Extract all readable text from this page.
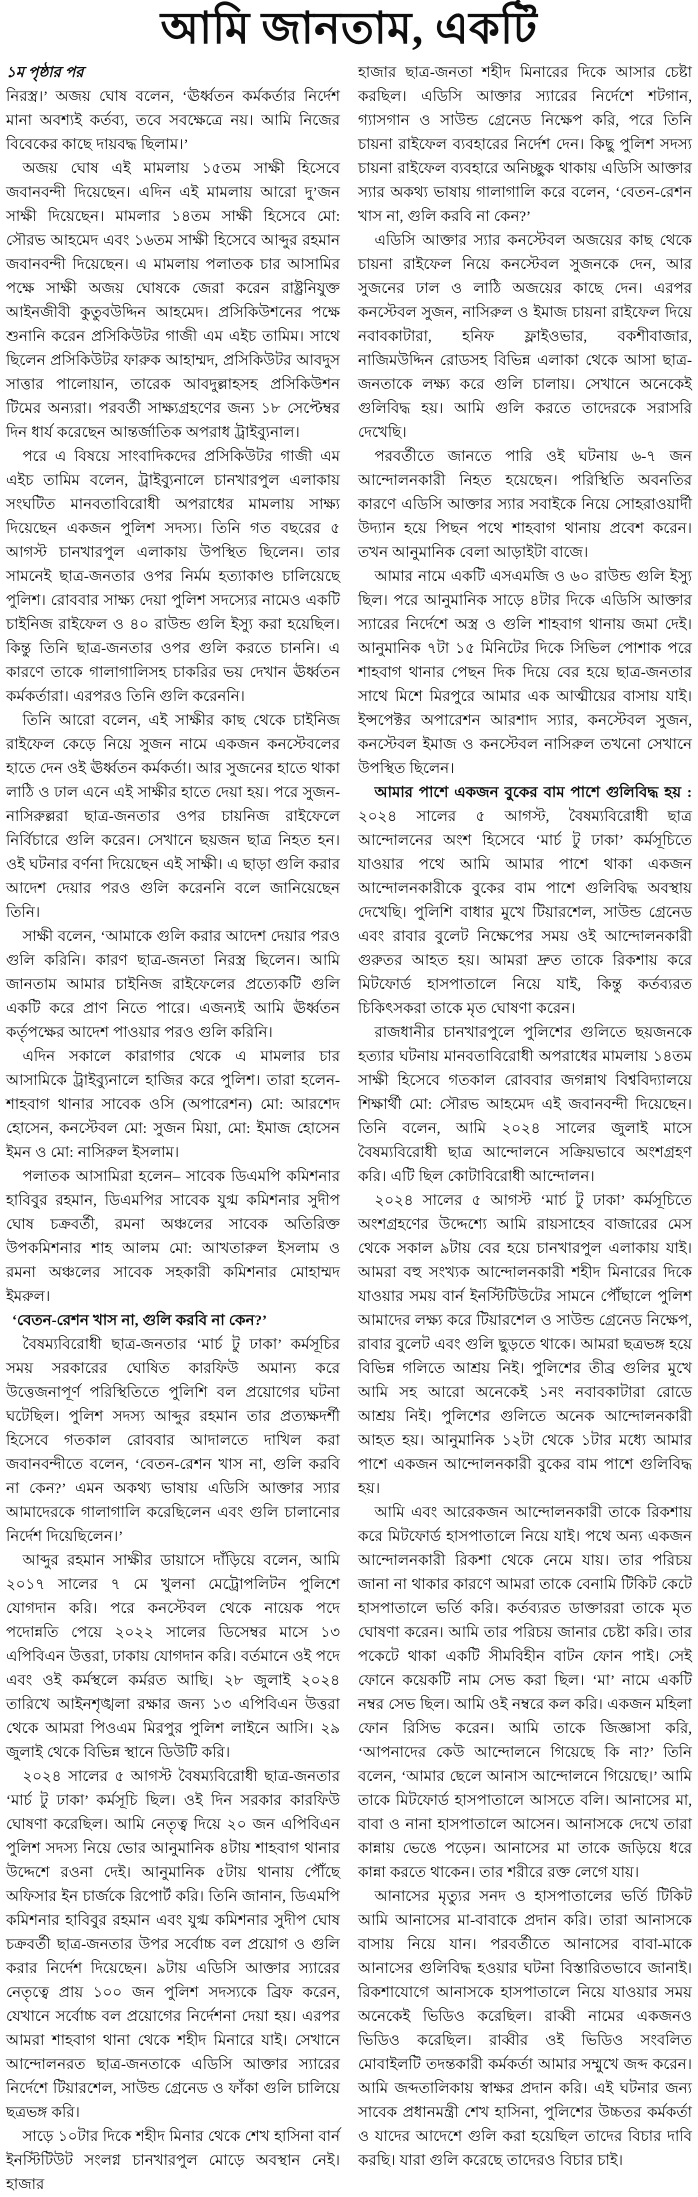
আমি জানতাম, একটি
১ম পৃষ্ঠার পর

নিরস্ত্র।’ অজয় ঘোষ বলেন, ‘ঊর্ধ্বতন কর্মকর্তার নির্দেশ মানা অবশ্যই কর্তব্য, তবে সবক্ষেত্রে নয়। আমি নিজের বিবেকের কাছে দায়বদ্ধ ছিলাম।’

অজয় ঘোষ এই মামলায় ১৫তম সাক্ষী হিসেবে জবানবন্দী দিয়েছেন। এদিন এই মামলায় আরো দু’জন সাক্ষী দিয়েছেন। মামলার ১৪তম সাক্ষী হিসেবে মো: সৌরভ আহমেদ এবং ১৬তম সাক্ষী হিসেবে আব্দুর রহমান জবানবন্দী দিয়েছেন। এ মামলায় পলাতক চার আসামির পক্ষে সাক্ষী অজয় ঘোষকে জেরা করেন রাষ্ট্রনিযুক্ত আইনজীবী কুতুবউদ্দিন আহমেদ। প্রসিকিউশনের পক্ষে শুনানি করেন প্রসিকিউটর গাজী এম এইচ তামিম। সাথে ছিলেন প্রসিকিউটর ফারুক আহাম্মদ, প্রসিকিউটর আবদুস সাত্তার পালোয়ান, তারেক আবদুল্লাহসহ প্রসিকিউশন টিমের অন্যরা। পরবর্তী সাক্ষ্যগ্রহণের জন্য ১৮ সেপ্টেম্বর দিন ধার্য করেছেন আন্তর্জাতিক অপরাধ ট্রাইব্যুনাল।

পরে এ বিষয়ে সাংবাদিকদের প্রসিকিউটর গাজী এম এইচ তামিম বলেন, ট্রাইব্যুনালে চানখারপুল এলাকায় সংঘটিত মানবতাবিরোধী অপরাধের মামলায় সাক্ষ্য দিয়েছেন একজন পুলিশ সদস্য। তিনি গত বছরের ৫ আগস্ট চানখারপুল এলাকায় উপস্থিত ছিলেন। তার সামনেই ছাত্র-জনতার ওপর নির্মম হত্যাকাণ্ড চালিয়েছে পুলিশ। রোববার সাক্ষ্য দেয়া পুলিশ সদস্যের নামেও একটি চাইনিজ রাইফেল ও ৪০ রাউন্ড গুলি ইস্যু করা হয়েছিল। কিন্তু তিনি ছাত্র-জনতার ওপর গুলি করতে চাননি। এ কারণে তাকে গালাগালিসহ চাকরির ভয় দেখান ঊর্ধ্বতন কর্মকর্তারা। এরপরও তিনি গুলি করেননি।

তিনি আরো বলেন, এই সাক্ষীর কাছ থেকে চাইনিজ রাইফেল কেড়ে নিয়ে সুজন নামে একজন কনস্টেবলের হাতে দেন ওই ঊর্ধ্বতন কর্মকর্তা। আর সুজনের হাতে থাকা লাঠি ও ঢাল এনে এই সাক্ষীর হাতে দেয়া হয়। পরে সুজন-নাসিরুল্লরা ছাত্র-জনতার ওপর চায়নিজ রাইফেলে নির্বিচারে গুলি করেন। সেখানে ছয়জন ছাত্র নিহত হন। ওই ঘটনার বর্ণনা দিয়েছেন এই সাক্ষী। এ ছাড়া গুলি করার আদেশ দেয়ার পরও গুলি করেননি বলে জানিয়েছেন তিনি।

সাক্ষী বলেন, ‘আমাকে গুলি করার আদেশ দেয়ার পরও গুলি করিনি। কারণ ছাত্র-জনতা নিরস্ত্র ছিলেন। আমি জানতাম আমার চাইনিজ রাইফেলের প্রত্যেকটি গুলি একটি করে প্রাণ নিতে পারে। এজন্যই আমি ঊর্ধ্বতন কর্তৃপক্ষের আদেশ পাওয়ার পরও গুলি করিনি।

এদিন সকালে কারাগার থেকে এ মামলার চার আসামিকে ট্রাইব্যুনালে হাজির করে পুলিশ। তারা হলেন- শাহবাগ থানার সাবেক ওসি (অপারেশন) মো: আরশেদ হোসেন, কনস্টেবল মো: সুজন মিয়া, মো: ইমাজ হোসেন ইমন ও মো: নাসিরুল ইসলাম।

পলাতক আসামিরা হলেন– সাবেক ডিএমপি কমিশনার হাবিবুর রহমান, ডিএমপির সাবেক যুগ্ম কমিশনার সুদীপ ঘোষ চক্রবর্তী, রমনা অঞ্চলের সাবেক অতিরিক্ত উপকমিশনার শাহ আলম মো: আখতারুল ইসলাম ও রমনা অঞ্চলের সাবেক সহকারী কমিশনার মোহাম্মদ ইমরুল।

‘বেতন-রেশন খাস না, গুলি করবি না কেন?’

বৈষম্যবিরোধী ছাত্র-জনতার ‘মার্চ টু ঢাকা’ কর্মসূচির সময় সরকারের ঘোষিত কারফিউ অমান্য করে উত্তেজনাপূর্ণ পরিস্থিতিতে পুলিশি বল প্রয়োগের ঘটনা ঘটেছিল। পুলিশ সদস্য আব্দুর রহমান তার প্রত্যক্ষদর্শী হিসেবে গতকাল রোববার আদালতে দাখিল করা জবানবন্দীতে বলেন, ‘বেতন-রেশন খাস না, গুলি করবি না কেন?’ এমন অকথ্য ভাষায় এডিসি আক্তার স্যার আমাদেরকে গালাগালি করেছিলেন এবং গুলি চালানোর নির্দেশ দিয়েছিলেন।’

আব্দুর রহমান সাক্ষীর ডায়াসে দাঁড়িয়ে বলেন, আমি ২০১৭ সালের ৭ মে খুলনা মেট্রোপলিটন পুলিশে যোগদান করি। পরে কনস্টেবল থেকে নায়েক পদে পদোন্নতি পেয়ে ২০২২ সালের ডিসেম্বর মাসে ১৩ এপিবিএন উত্তরা, ঢাকায় যোগদান করি। বর্তমানে ওই পদে এবং ওই কর্মস্থলে কর্মরত আছি। ২৮ জুলাই ২০২৪ তারিখে আইনশৃঙ্খলা রক্ষার জন্য ১৩ এপিবিএন উত্তরা থেকে আমরা পিওএম মিরপুর পুলিশ লাইনে আসি। ২৯ জুলাই থেকে বিভিন্ন স্থানে ডিউটি করি।

২০২৪ সালের ৫ আগস্ট বৈষম্যবিরোধী ছাত্র-জনতার ‘মার্চ টু ঢাকা’ কর্মসূচি ছিল। ওই দিন সরকার কারফিউ ঘোষণা করেছিল। আমি নেতৃত্ব দিয়ে ২০ জন এপিবিএন পুলিশ সদস্য নিয়ে ভোর আনুমানিক ৪টায় শাহবাগ থানার উদ্দেশে রওনা দেই। আনুমানিক ৫টায় থানায় পৌঁছে অফিসার ইন চার্জকে রিপোর্ট করি। তিনি জানান, ডিএমপি কমিশনার হাবিবুর রহমান এবং যুগ্ম কমিশনার সুদীপ ঘোষ চক্রবর্তী ছাত্র-জনতার উপর সর্বোচ্চ বল প্রয়োগ ও গুলি করার নির্দেশ দিয়েছেন। ৯টায় এডিসি আক্তার স্যারের নেতৃত্বে প্রায় ১০০ জন পুলিশ সদস্যকে ব্রিফ করেন, যেখানে সর্বোচ্চ বল প্রয়োগের নির্দেশনা দেয়া হয়। এরপর আমরা শাহবাগ থানা থেকে শহীদ মিনারে যাই। সেখানে আন্দোলনরত ছাত্র-জনতাকে এডিসি আক্তার স্যারের নির্দেশে টিয়ারশেল, সাউন্ড গ্রেনেড ও ফাঁকা গুলি চালিয়ে ছত্রভঙ্গ করি।

সাড়ে ১০টার দিকে শহীদ মিনার থেকে শেখ হাসিনা বার্ন ইনস্টিটিউট সংলগ্ন চানখারপুল মোড়ে অবস্থান নেই। হাজার

হাজার ছাত্র-জনতা শহীদ মিনারের দিকে আসার চেষ্টা করছিল। এডিসি আক্তার স্যারের নির্দেশে শটগান, গ্যাসগান ও সাউন্ড গ্রেনেড নিক্ষেপ করি, পরে তিনি চায়না রাইফেল ব্যবহারের নির্দেশ দেন। কিছু পুলিশ সদস্য চায়না রাইফেল ব্যবহারে অনিচ্ছুক থাকায় এডিসি আক্তার স্যার অকথ্য ভাষায় গালাগালি করে বলেন, ‘বেতন-রেশন খাস না, গুলি করবি না কেন?’

এডিসি আক্তার স্যার কনস্টেবল অজয়ের কাছ থেকে চায়না রাইফেল নিয়ে কনস্টেবল সুজনকে দেন, আর সুজনের ঢাল ও লাঠি অজয়ের কাছে দেন। এরপর কনস্টেবল সুজন, নাসিরুল ও ইমাজ চায়না রাইফেল দিয়ে নবাবকাটারা, হনিফ ফ্লাইওভার, বকশীবাজার, নাজিমউদ্দিন রোডসহ বিভিন্ন এলাকা থেকে আসা ছাত্র-জনতাকে লক্ষ্য করে গুলি চালায়। সেখানে অনেকেই গুলিবিদ্ধ হয়। আমি গুলি করতে তাদেরকে সরাসরি দেখেছি।

পরবর্তীতে জানতে পারি ওই ঘটনায় ৬-৭ জন আন্দোলনকারী নিহত হয়েছেন। পরিস্থিতি অবনতির কারণে এডিসি আক্তার স্যার সবাইকে নিয়ে সোহরাওয়ার্দী উদ্যান হয়ে পিছন পথে শাহবাগ থানায় প্রবেশ করেন। তখন আনুমানিক বেলা আড়াইটা বাজে।

আমার নামে একটি এসএমজি ও ৬০ রাউন্ড গুলি ইস্যু ছিল। পরে আনুমানিক সাড়ে ৪টার দিকে এডিসি আক্তার স্যারের নির্দেশে অস্ত্র ও গুলি শাহবাগ থানায় জমা দেই। আনুমানিক ৭টা ১৫ মিনিটের দিকে সিভিল পোশাক পরে শাহবাগ থানার পেছন দিক দিয়ে বের হয়ে ছাত্র-জনতার সাথে মিশে মিরপুরে আমার এক আত্মীয়ের বাসায় যাই। ইন্সপেক্টর অপারেশন আরশাদ স্যার, কনস্টেবল সুজন, কনস্টেবল ইমাজ ও কনস্টেবল নাসিরুল তখনো সেখানে উপস্থিত ছিলেন।

আমার পাশে একজন বুকের বাম পাশে গুলিবিদ্ধ হয় : ২০২৪ সালের ৫ আগস্ট, বৈষম্যবিরোধী ছাত্র আন্দোলনের অংশ হিসেবে ‘মার্চ টু ঢাকা’ কর্মসূচিতে যাওয়ার পথে আমি আমার পাশে থাকা একজন আন্দোলনকারীকে বুকের বাম পাশে গুলিবিদ্ধ অবস্থায় দেখেছি। পুলিশি বাধার মুখে টিয়ারশেল, সাউন্ড গ্রেনেড এবং রাবার বুলেট নিক্ষেপের সময় ওই আন্দোলনকারী গুরুতর আহত হয়। আমরা দ্রুত তাকে রিকশায় করে মিটফোর্ড হাসপাতালে নিয়ে যাই, কিন্তু কর্তব্যরত চিকিৎসকরা তাকে মৃত ঘোষণা করেন।

রাজধানীর চানখারপুলে পুলিশের গুলিতে ছয়জনকে হত্যার ঘটনায় মানবতাবিরোধী অপরাধের মামলায় ১৪তম সাক্ষী হিসেবে গতকাল রোববার জগন্নাথ বিশ্ববিদ্যালয়ে শিক্ষার্থী মো: সৌরভ আহমেদ এই জবানবন্দী দিয়েছেন। তিনি বলেন, আমি ২০২৪ সালের জুলাই মাসে বৈষম্যবিরোধী ছাত্র আন্দোলনে সক্রিয়ভাবে অংশগ্রহণ করি। এটি ছিল কোটাবিরোধী আন্দোলন।

২০২৪ সালের ৫ আগস্ট ‘মার্চ টু ঢাকা’ কর্মসূচিতে অংশগ্রহণের উদ্দেশ্যে আমি রায়সাহেব বাজারের মেস থেকে সকাল ৯টায় বের হয়ে চানখারপুল এলাকায় যাই। আমরা বহু সংখ্যক আন্দোলনকারী শহীদ মিনারের দিকে যাওয়ার সময় বার্ন ইনস্টিটিউটের সামনে পৌঁছালে পুলিশ আমাদের লক্ষ্য করে টিয়ারশেল ও সাউন্ড গ্রেনেড নিক্ষেপ, রাবার বুলেট এবং গুলি ছুড়তে থাকে। আমরা ছত্রভঙ্গ হয়ে বিভিন্ন গলিতে আশ্রয় নিই। পুলিশের তীব্র গুলির মুখে আমি সহ আরো অনেকেই ১নং নবাবকাটারা রোডে আশ্রয় নিই। পুলিশের গুলিতে অনেক আন্দোলনকারী আহত হয়। আনুমানিক ১২টা থেকে ১টার মধ্যে আমার পাশে একজন আন্দোলনকারী বুকের বাম পাশে গুলিবিদ্ধ হয়।

আমি এবং আরেকজন আন্দোলনকারী তাকে রিকশায় করে মিটফোর্ড হাসপাতালে নিয়ে যাই। পথে অন্য একজন আন্দোলনকারী রিকশা থেকে নেমে যায়। তার পরিচয় জানা না থাকার কারণে আমরা তাকে বেনামি টিকিট কেটে হাসপাতালে ভর্তি করি। কর্তব্যরত ডাক্তাররা তাকে মৃত ঘোষণা করেন। আমি তার পরিচয় জানার চেষ্টা করি। তার পকেটে থাকা একটি সীমবিহীন বাটন ফোন পাই। সেই ফোনে কয়েকটি নাম সেভ করা ছিল। ‘মা’ নামে একটি নম্বর সেভ ছিল। আমি ওই নম্বরে কল করি। একজন মহিলা ফোন রিসিভ করেন। আমি তাকে জিজ্ঞাসা করি, ‘আপনাদের কেউ আন্দোলনে গিয়েছে কি না?’ তিনি বলেন, ‘আমার ছেলে আনাস আন্দোলনে গিয়েছে।’ আমি তাকে মিটফোর্ড হাসপাতালে আসতে বলি। আনাসের মা, বাবা ও নানা হাসপাতালে আসেন। আনাসকে দেখে তারা কান্নায় ভেঙে পড়েন। আনাসের মা তাকে জড়িয়ে ধরে কান্না করতে থাকেন। তার শরীরে রক্ত লেগে যায়।

আনাসের মৃত্যুর সনদ ও হাসপাতালের ভর্তি টিকিট আমি আনাসের মা-বাবাকে প্রদান করি। তারা আনাসকে বাসায় নিয়ে যান। পরবর্তীতে আনাসের বাবা-মাকে আনাসের গুলিবিদ্ধ হওয়ার ঘটনা বিস্তারিতভাবে জানাই। রিকশাযোগে আনাসকে হাসপাতালে নিয়ে যাওয়ার সময় অনেকেই ভিডিও করেছিল। রাব্বী নামের একজনও ভিডিও করেছিল। রাব্বীর ওই ভিডিও সংবলিত মোবাইলটি তদন্তকারী কর্মকর্তা আমার সম্মুখে জব্দ করেন। আমি জব্দতালিকায় স্বাক্ষর প্রদান করি। এই ঘটনার জন্য সাবেক প্রধানমন্ত্রী শেখ হাসিনা, পুলিশের উচ্চতর কর্মকর্তা ও যাদের আদেশে গুলি করা হয়েছিল তাদের বিচার দাবি করছি। যারা গুলি করেছে তাদেরও বিচার চাই।
